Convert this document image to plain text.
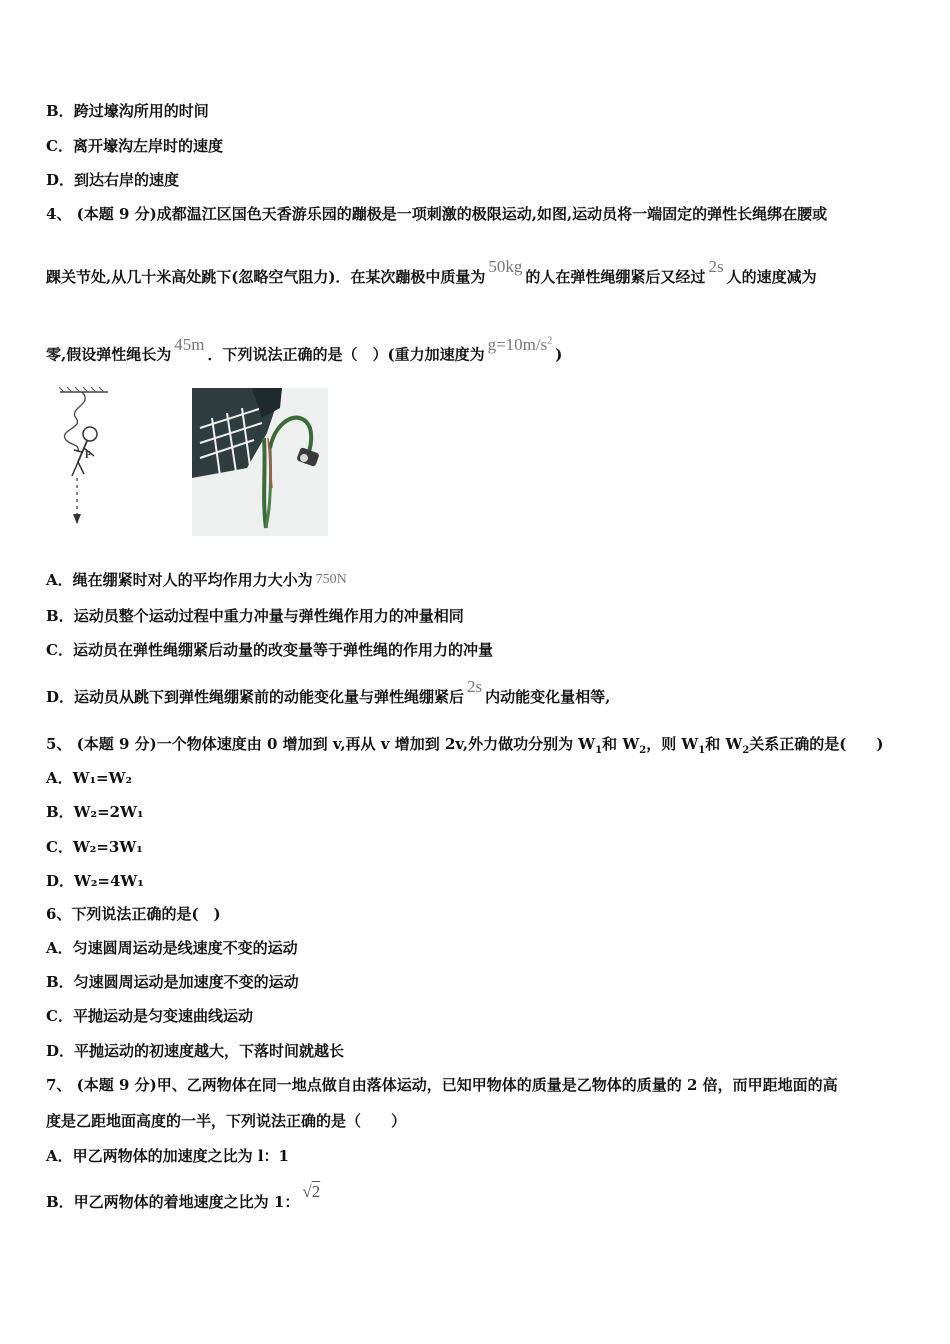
B．跨过壕沟所用的时间
C．离开壕沟左岸时的速度
D．到达右岸的速度
4、 (本题 9 分)成都温江区国色天香游乐园的蹦极是一项刺激的极限运动,如图,运动员将一端固定的弹性长绳绑在腰或
踝关节处,从几十米高处跳下(忽略空气阻力)．在某次蹦极中质量为50kg的人在弹性绳绷紧后又经过2s人的速度减为
零,假设弹性绳长为45m．下列说法正确的是（　）(重力加速度为$g=10m/s^2$)
P
A．绳在绷紧时对人的平均作用力大小为 750N
B．运动员整个运动过程中重力冲量与弹性绳作用力的冲量相同
C．运动员在弹性绳绷紧后动量的改变量等于弹性绳的作用力的冲量
D．运动员从跳下到弹性绳绷紧前的动能变化量与弹性绳绷紧后2s内动能变化量相等,
5、 (本题 9 分)一个物体速度由 0 增加到 v,再从 v 增加到 2v,外力做功分别为 $W_1$和 $W_2$，则 $W_1$和 $W_2$关系正确的是(　　)
A．W₁=W₂
B．W₂=2W₁
C．W₂=3W₁
D．W₂=4W₁
6、下列说法正确的是(　)
A．匀速圆周运动是线速度不变的运动
B．匀速圆周运动是加速度不变的运动
C．平抛运动是匀变速曲线运动
D．平抛运动的初速度越大，下落时间就越长
7、 (本题 9 分)甲、乙两物体在同一地点做自由落体运动，已知甲物体的质量是乙物体的质量的 2 倍，而甲距地面的高
度是乙距地面高度的一半，下列说法正确的是（　　）
A．甲乙两物体的加速度之比为 l：1
B．甲乙两物体的着地速度之比为 1：√2
